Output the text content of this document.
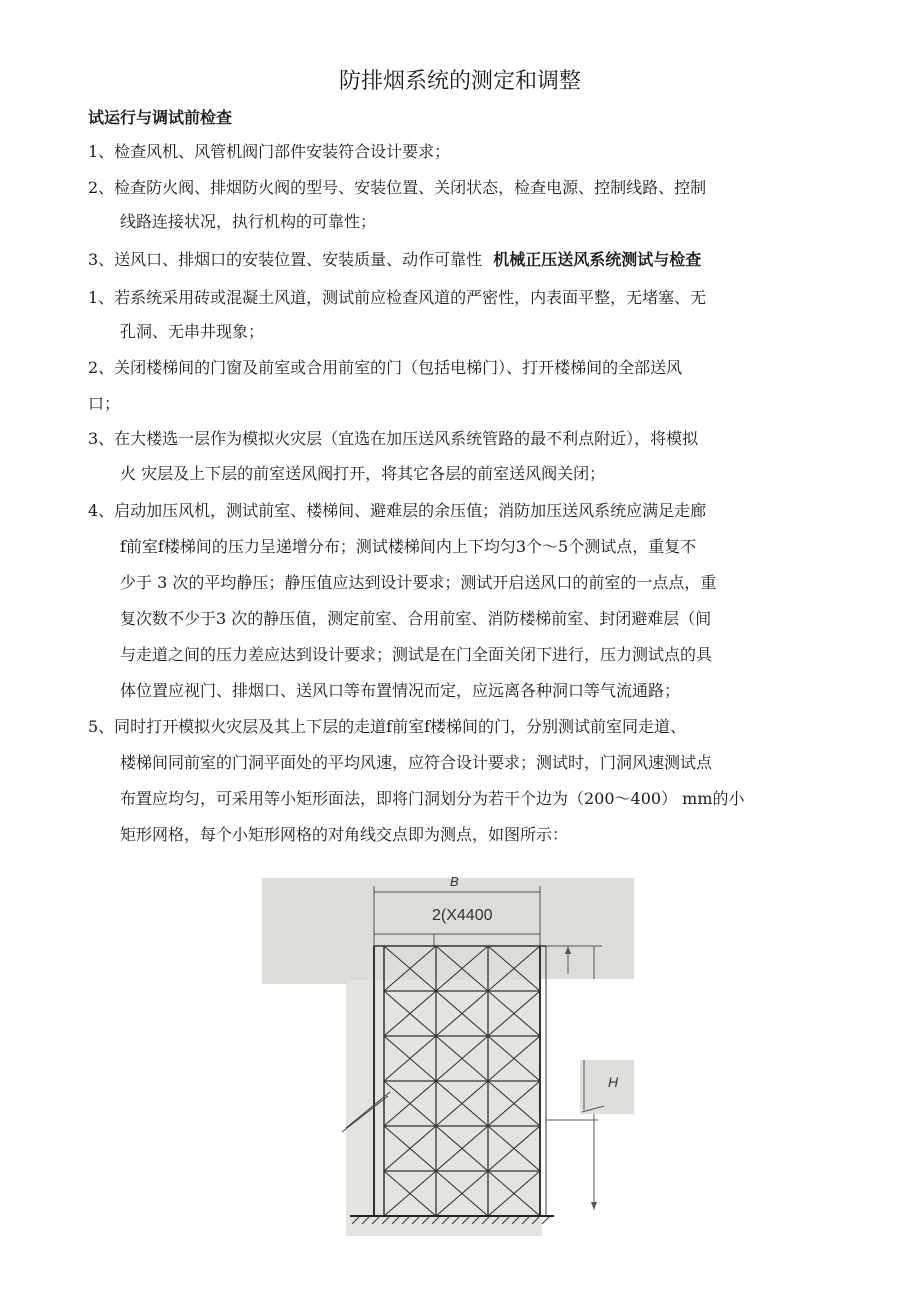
防排烟系统的测定和调整
试运行与调试前检查
1、检查风机、风管机阀门部件安装符合设计要求；
2、检查防火阀、排烟防火阀的型号、安装位置、关闭状态，检查电源、控制线路、控制
线路连接状况，执行机构的可靠性；
3、送风口、排烟口的安装位置、安装质量、动作可靠性 机械正压送风系统测试与检查
1、若系统采用砖或混凝土风道，测试前应检查风道的严密性，内表面平整，无堵塞、无
孔洞、无串井现象；
2、关闭楼梯间的门窗及前室或合用前室的门（包括电梯门）、打开楼梯间的全部送风
口；
3、在大楼选一层作为模拟火灾层（宜选在加压送风系统管路的最不利点附近），将模拟
火 灾层及上下层的前室送风阀打开，将其它各层的前室送风阀关闭；
4、启动加压风机，测试前室、楼梯间、避难层的余压值；消防加压送风系统应满足走廊
f前室f楼梯间的压力呈递增分布；测试楼梯间内上下均匀3个～5个测试点，重复不
少于 3 次的平均静压；静压值应达到设计要求；测试开启送风口的前室的一点点，重
复次数不少于3 次的静压值，测定前室、合用前室、消防楼梯前室、封闭避难层（间
与走道之间的压力差应达到设计要求；测试是在门全面关闭下进行，压力测试点的具
体位置应视门、排烟口、送风口等布置情况而定，应远离各种洞口等气流通路；
5、同时打开模拟火灾层及其上下层的走道f前室f楼梯间的门，分别测试前室同走道、
楼梯间同前室的门洞平面处的平均风速，应符合设计要求；测试时，门洞风速测试点
布置应均匀，可采用等小矩形面法，即将门洞划分为若干个边为（200～400） mm的小
矩形网格，每个小矩形网格的对角线交点即为测点，如图所示：
B
2(X4400
H
